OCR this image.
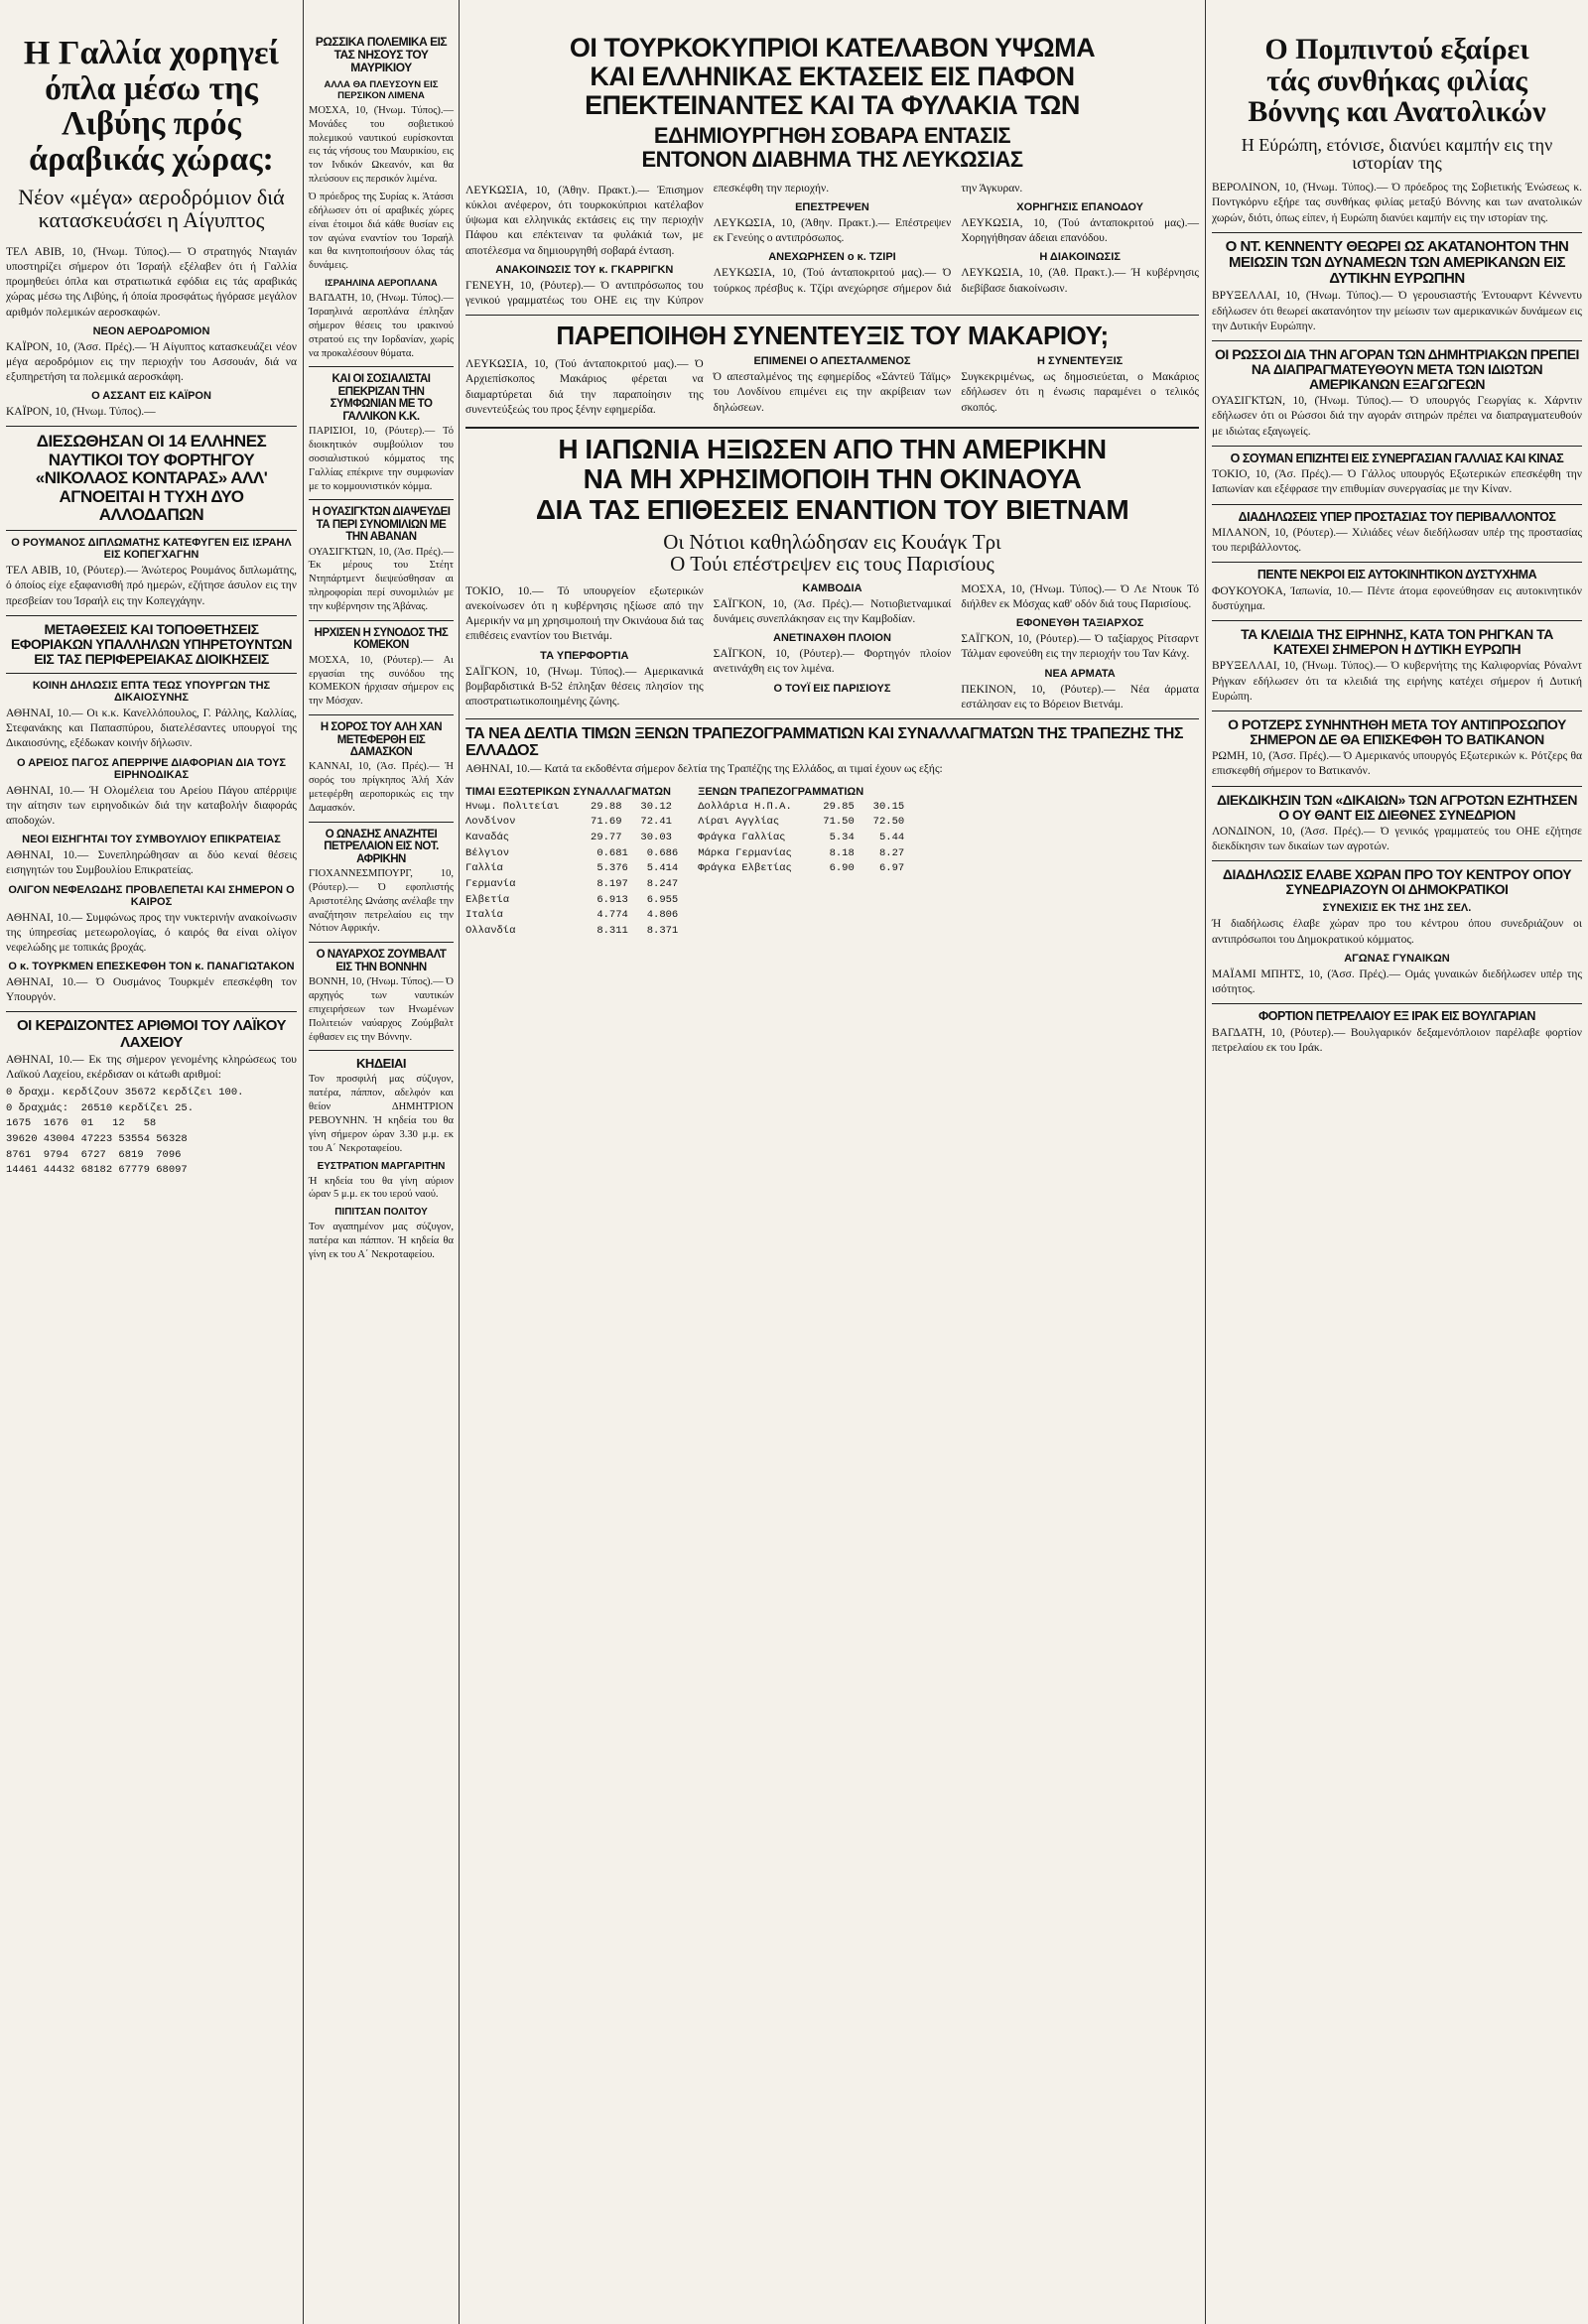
Η Γαλλία χορηγεί όπλα μέσω της Λιβύης πρός άραβικάς χώρας:
Νέον «μέγα» αεροδρόμιον διά κατασκευάσει η Αίγυπτος

ΤΕΛ ΑΒΙΒ, 10, (Ήνωμ. Τύπος).— Ό στρατηγός Νταγιάν υποστηρίζει σήμερον ότι Ίσραήλ εξέλαβεν ότι ή Γαλλία προμηθεύει όπλα και στρατιωτικά εφόδια εις τάς αραβικάς χώρας μέσω της Λιβύης, ή όποία προσφάτως ήγόρασε μεγάλον αριθμόν πολεμικών αεροσκαφών.

ΝΕΟΝ ΑΕΡΟΔΡΟΜΙΟΝ

ΚΑΪΡΟΝ, 10, (Άσσ. Πρές).— Ή Αίγυπτος κατασκευάζει νέον μέγα αεροδρόμιον εις την περιοχήν του Ασσουάν, διά να εξυπηρετήση τα πολεμικά αεροσκάφη.

Ο ΑΣΣΑΝΤ ΕΙΣ ΚΑΪΡΟΝ

ΚΑΪΡΟΝ, 10, (Ήνωμ. Τύπος).—

ΔΙΕΣΩΘΗΣΑΝ ΟΙ 14 ΕΛΛΗΝΕΣ ΝΑΥΤΙΚΟΙ ΤΟΥ ΦΟΡΤΗΓΟΥ «ΝΙΚΟΛΑΟΣ ΚΟΝΤΑΡΑΣ» ΑΛΛ' ΑΓΝΟΕΙΤΑΙ Η ΤΥΧΗ ΔΥΟ ΑΛΛΟΔΑΠΩΝ
Ο ΡΟΥΜΑΝΟΣ ΔΙΠΛΩΜΑΤΗΣ ΚΑΤΕΦΥΓΕΝ ΕΙΣ ΙΣΡΑΗΛ ΕΙΣ ΚΟΠΕΓΧΑΓΗΝ

ΤΕΛ ΑΒΙΒ, 10, (Ρόυτερ).— Άνώτερος Ρουμάνος διπλωμάτης, ό όποίος είχε εξαφανισθή πρό ημερών, εζήτησε άσυλον εις την πρεσβείαν του Ίσραήλ εις την Κοπεγχάγην.

ΜΕΤΑΘΕΣΕΙΣ ΚΑΙ ΤΟΠΟΘΕΤΗΣΕΙΣ ΕΦΟΡΙΑΚΩΝ ΥΠΑΛΛΗΛΩΝ ΥΠΗΡΕΤΟΥΝΤΩΝ ΕΙΣ ΤΑΣ ΠΕΡΙΦΕΡΕΙΑΚΑΣ ΔΙΟΙΚΗΣΕΙΣ
ΚΟΙΝΗ ΔΗΛΩΣΙΣ ΕΠΤΑ ΤΕΩΣ ΥΠΟΥΡΓΩΝ ΤΗΣ ΔΙΚΑΙΟΣΥΝΗΣ

ΑΘΗΝΑΙ, 10.— Οι κ.κ. Κανελλόπουλος, Γ. Ράλλης, Καλλίας, Στεφανάκης και Παπασπύρου, διατελέσαντες υπουργοί της Δικαιοσύνης, εξέδωκαν κοινήν δήλωσιν.

Ο ΑΡΕΙΟΣ ΠΑΓΟΣ ΑΠΕΡΡΙΨΕ ΔΙΑΦΟΡΙΑΝ ΔΙΑ ΤΟΥΣ ΕΙΡΗΝΟΔΙΚΑΣ

ΑΘΗΝΑΙ, 10.— Ή Ολομέλεια του Αρείου Πάγου απέρριψε την αίτησιν των ειρηνοδικών διά την καταβολήν διαφοράς αποδοχών.

ΝΕΟΙ ΕΙΣΗΓΗΤΑΙ ΤΟΥ ΣΥΜΒΟΥΛΙΟΥ ΕΠΙΚΡΑΤΕΙΑΣ

ΑΘΗΝΑΙ, 10.— Συνεπληρώθησαν αι δύο κεναί θέσεις εισηγητών του Συμβουλίου Επικρατείας.

ΟΛΙΓΟΝ ΝΕΦΕΛΩΔΗΣ ΠΡΟΒΛΕΠΕΤΑΙ ΚΑΙ ΣΗΜΕΡΟΝ Ο ΚΑΙΡΟΣ

ΑΘΗΝΑΙ, 10.— Συμφώνως προς την νυκτερινήν ανακοίνωσιν της ύπηρεσίας μετεωρολογίας, ό καιρός θα είναι ολίγον νεφελώδης με τοπικάς βροχάς.

Ο κ. ΤΟΥΡΚΜΕΝ ΕΠΕΣΚΕΦΘΗ ΤΟΝ κ. ΠΑΝΑΓΙΩΤΑΚΟΝ

ΑΘΗΝΑΙ, 10.— Ό Ουσμάνος Τουρκμέν επεσκέφθη τον Υπουργόν.

ΟΙ ΚΕΡΔΙΖΟΝΤΕΣ ΑΡΙΘΜΟΙ ΤΟΥ ΛΑΪΚΟΥ ΛΑΧΕΙΟΥ

ΑΘΗΝΑΙ, 10.— Εκ της σήμερον γενομένης κληρώσεως του Λαϊκού Λαχείου, εκέρδισαν οι κάτωθι αριθμοί:

0 δραχμ. κερδίζουν 35672 κερδίζει 100.
0 δραχμάς:  26510 κερδίζει 25.
1675  1676  01   12   58
39620 43004 47223 53554 56328
8761  9794  6727  6819  7096
14461 44432 68182 67779 68097
ΡΩΣΣΙΚΑ ΠΟΛΕΜΙΚΑ ΕΙΣ ΤΑΣ ΝΗΣΟΥΣ ΤΟΥ ΜΑΥΡΙΚΙΟΥ
ΑΛΛΑ ΘΑ ΠΛΕΥΣΟΥΝ ΕΙΣ ΠΕΡΣΙΚΟΝ ΛΙΜΕΝΑ

ΜΟΣΧΑ, 10, (Ήνωμ. Τύπος).— Μονάδες του σοβιετικού πολεμικού ναυτικού ευρίσκονται εις τάς νήσους του Μαυρικίου, εις τον Ινδικόν Ωκεανόν, και θα πλεύσουν εις περσικόν λιμένα.

Ό πρόεδρος της Συρίας κ. Άτάσσι εδήλωσεν ότι οί αραβικές χώρες είναι έτοιμοι διά κάθε θυσίαν εις τον αγώνα εναντίον του Ίσραήλ και θα κινητοποιήσουν όλας τάς δυνάμεις.

ΙΣΡΑΗΛΙΝΑ ΑΕΡΟΠΛΑΝΑ

ΒΑΓΔΑΤΗ, 10, (Ήνωμ. Τύπος).— Ίσραηλινά αεροπλάνα έπληξαν σήμερον θέσεις του ιρακινού στρατού εις την Ιορδανίαν, χωρίς να προκαλέσουν θύματα.

ΚΑΙ ΟΙ ΣΟΣΙΑΛΙΣΤΑΙ ΕΠΕΚΡΙΖΑΝ ΤΗΝ ΣΥΜΦΩΝΙΑΝ ΜΕ ΤΟ ΓΑΛΛΙΚΟΝ Κ.Κ.

ΠΑΡΙΣΙΟΙ, 10, (Ρόυτερ).— Τό διοικητικόν συμβούλιον του σοσιαλιστικού κόμματος της Γαλλίας επέκρινε την συμφωνίαν με το κομμουνιστικόν κόμμα.

Η ΟΥΑΣΙΓΚΤΩΝ ΔΙΑΨΕΥΔΕΙ ΤΑ ΠΕΡΙ ΣΥΝΟΜΙΛΙΩΝ ΜΕ ΤΗΝ ΑΒΑΝΑΝ

ΟΥΑΣΙΓΚΤΩΝ, 10, (Άσ. Πρές).— Έκ μέρους του Στέητ Ντηπάρτμεντ διεψεύσθησαν αι πληροφορίαι περί συνομιλιών με την κυβέρνησιν της Άβάνας.

ΗΡΧΙΣΕΝ Η ΣΥΝΟΔΟΣ ΤΗΣ ΚΟΜΕΚΟΝ

ΜΟΣΧΑ, 10, (Ρόυτερ).— Αι εργασίαι της συνόδου της ΚΟΜΕΚΟΝ ήρχισαν σήμερον εις την Μόσχαν.

Η ΣΟΡΟΣ ΤΟΥ ΑΛΗ ΧΑΝ ΜΕΤΕΦΕΡΘΗ ΕΙΣ ΔΑΜΑΣΚΟΝ

ΚΑΝΝΑΙ, 10, (Άσ. Πρές).— Ή σορός του πρίγκηπος Άλή Χάν μετεφέρθη αεροπορικώς εις την Δαμασκόν.

Ο ΩΝΑΣΗΣ ΑΝΑΖΗΤΕΙ ΠΕΤΡΕΛΑΙΟΝ ΕΙΣ ΝΟΤ. ΑΦΡΙΚΗΝ

ΓΙΟΧΑΝΝΕΣΜΠΟΥΡΓ, 10, (Ρόυτερ).— Ό εφοπλιστής Αριστοτέλης Ωνάσης ανέλαβε την αναζήτησιν πετρελαίου εις την Νότιον Αφρικήν.

Ο ΝΑΥΑΡΧΟΣ ΖΟΥΜΒΑΛΤ ΕΙΣ ΤΗΝ ΒΟΝΝΗΝ

ΒΟΝΝΗ, 10, (Ήνωμ. Τύπος).— Ό αρχηγός των ναυτικών επιχειρήσεων των Ηνωμένων Πολιτειών ναύαρχος Ζούμβαλτ έφθασεν εις την Βόννην.

ΚΗΔΕΙΑΙ

Τον προσφιλή μας σύζυγον, πατέρα, πάππον, αδελφόν και θείον ΔΗΜΗΤΡΙΟΝ ΡΕΒΟΥΝΗΝ. Ή κηδεία του θα γίνη σήμερον ώραν 3.30 μ.μ. εκ του Α΄ Νεκροταφείου.

ΕΥΣΤΡΑΤΙΟΝ ΜΑΡΓΑΡΙΤΗΝ

Ή κηδεία του θα γίνη αύριον ώραν 5 μ.μ. εκ του ιερού ναού.

ΠΙΠΙΤΣΑΝ ΠΟΛΙΤΟΥ

Τον αγαπημένον μας σύζυγον, πατέρα και πάππον. Ή κηδεία θα γίνη εκ του Α΄ Νεκροταφείου.

ΟΙ ΤΟΥΡΚΟΚΥΠΡΙΟΙ ΚΑΤΕΛΑΒΟΝ ΥΨΩΜΑ
ΚΑΙ ΕΛΛΗΝΙΚΑΣ ΕΚΤΑΣΕΙΣ ΕΙΣ ΠΑΦΟΝ
ΕΠΕΚΤΕΙΝΑΝΤΕΣ ΚΑΙ ΤΑ ΦΥΛΑΚΙΑ ΤΩΝ
ΕΔΗΜΙΟΥΡΓΗΘΗ ΣΟΒΑΡΑ ΕΝΤΑΣΙΣ
ΕΝΤΟΝΟΝ ΔΙΑΒΗΜΑ ΤΗΣ ΛΕΥΚΩΣΙΑΣ

ΛΕΥΚΩΣΙΑ, 10, (Άθην. Πρακτ.).— Έπισημον κύκλοι ανέφερον, ότι τουρκοκύπριοι κατέλαβον ύψωμα και ελληνικάς εκτάσεις εις την περιοχήν Πάφου και επέκτειναν τα φυλάκιά των, με αποτέλεσμα να δημιουργηθή σοβαρά ένταση.

ΑΝΑΚΟΙΝΩΣΙΣ ΤΟΥ κ. ΓΚΑΡΡΙΓΚΝ

ΓΕΝΕΥΗ, 10, (Ρόυτερ).— Ό αντιπρόσωπος του γενικού γραμματέως του ΟΗΕ εις την Κύπρον επεσκέφθη την περιοχήν.

ΕΠΕΣΤΡΕΨΕΝ

ΛΕΥΚΩΣΙΑ, 10, (Άθην. Πρακτ.).— Επέστρεψεν εκ Γενεύης ο αντιπρόσωπος.

ΑΝΕΧΩΡΗΣΕΝ ο κ. ΤΖΙΡΙ

ΛΕΥΚΩΣΙΑ, 10, (Τού άνταποκριτού μας).— Ό τούρκος πρέσβυς κ. Τζίρι ανεχώρησε σήμερον διά την Άγκυραν.

ΧΟΡΗΓΗΣΙΣ ΕΠΑΝΟΔΟΥ

ΛΕΥΚΩΣΙΑ, 10, (Τού άνταποκριτού μας).— Χορηγήθησαν άδειαι επανόδου.

Η ΔΙΑΚΟΙΝΩΣΙΣ

ΛΕΥΚΩΣΙΑ, 10, (Άθ. Πρακτ.).— Ή κυβέρνησις διεβίβασε διακοίνωσιν.

ΠΑΡΕΠΟΙΗΘΗ ΣΥΝΕΝΤΕΥΞΙΣ ΤΟΥ ΜΑΚΑΡΙΟΥ;

ΛΕΥΚΩΣΙΑ, 10, (Τού άνταποκριτού μας).— Ό Αρχιεπίσκοπος Μακάριος φέρεται να διαμαρτύρεται διά την παραποίησιν της συνεντεύξεώς του προς ξένην εφημερίδα.

ΕΠΙΜΕΝΕΙ Ο ΑΠΕΣΤΑΛΜΕΝΟΣ

Ό απεσταλμένος της εφημερίδος «Σάντεϋ Τάϊμς» του Λονδίνου επιμένει εις την ακρίβειαν των δηλώσεων.

Η ΣΥΝΕΝΤΕΥΞΙΣ

Συγκεκριμένως, ως δημοσιεύεται, ο Μακάριος εδήλωσεν ότι η ένωσις παραμένει ο τελικός σκοπός.

Η ΙΑΠΩΝΙΑ ΗΞΙΩΣΕΝ ΑΠΟ ΤΗΝ ΑΜΕΡΙΚΗΝ
ΝΑ ΜΗ ΧΡΗΣΙΜΟΠΟΙΗ ΤΗΝ ΟΚΙΝΑΟΥΑ
ΔΙΑ ΤΑΣ ΕΠΙΘΕΣΕΙΣ ΕΝΑΝΤΙΟΝ ΤΟΥ ΒΙΕΤΝΑΜ
Οι Νότιοι καθηλώδησαν εις Κουάγκ Τρι
Ο Τούι επέστρεψεν εις τους Παρισίους

ΤΟΚΙΟ, 10.— Τό υπουργείον εξωτερικών ανεκοίνωσεν ότι η κυβέρνησις ηξίωσε από την Αμερικήν να μη χρησιμοποιή την Οκινάουα διά τας επιθέσεις εναντίον του Βιετνάμ.

ΤΑ ΥΠΕΡΦΟΡΤΙΑ

ΣΑΪΓΚΟΝ, 10, (Ήνωμ. Τύπος).— Αμερικανικά βομβαρδιστικά Β-52 έπληξαν θέσεις πλησίον της αποστρατιωτικοποιημένης ζώνης.

ΚΑΜΒΟΔΙΑ

ΣΑΪΓΚΟΝ, 10, (Άσ. Πρές).— Νοτιοβιετναμικαί δυνάμεις συνεπλάκησαν εις την Καμβοδίαν.

ΑΝΕΤΙΝΑΧΘΗ ΠΛΟΙΟΝ

ΣΑΪΓΚΟΝ, 10, (Ρόυτερ).— Φορτηγόν πλοίον ανετινάχθη εις τον λιμένα.

Ο ΤΟΥΪ ΕΙΣ ΠΑΡΙΣΙΟΥΣ

ΜΟΣΧΑ, 10, (Ήνωμ. Τύπος).— Ό Λε Ντουκ Τό διήλθεν εκ Μόσχας καθ' οδόν διά τους Παρισίους.

ΕΦΟΝΕΥΘΗ ΤΑΞΙΑΡΧΟΣ

ΣΑΪΓΚΟΝ, 10, (Ρόυτερ).— Ό ταξίαρχος Ρίτσαρντ Τάλμαν εφονεύθη εις την περιοχήν του Ταν Κάνχ.

ΝΕΑ ΑΡΜΑΤΑ

ΠΕΚΙΝΟΝ, 10, (Ρόυτερ).— Νέα άρματα εστάλησαν εις το Βόρειον Βιετνάμ.

ΤΑ ΝΕΑ ΔΕΛΤΙΑ ΤΙΜΩΝ ΞΕΝΩΝ ΤΡΑΠΕΖΟΓΡΑΜΜΑΤΙΩΝ ΚΑΙ ΣΥΝΑΛΛΑΓΜΑΤΩΝ ΤΗΣ ΤΡΑΠΕΖΗΣ ΤΗΣ ΕΛΛΑΔΟΣ

ΑΘΗΝΑΙ, 10.— Κατά τα εκδοθέντα σήμερον δελτία της Τραπέζης της Ελλάδος, αι τιμαί έχουν ως εξής:

ΤΙΜΑΙ ΕΞΩΤΕΡΙΚΩΝ ΣΥΝΑΛΛΑΓΜΑΤΩΝ
Ηνωμ. Πολιτείαι     29.88   30.12
Λονδίνον            71.69   72.41
Καναδάς             29.77   30.03
Βέλγιον              0.681   0.686
Γαλλία               5.376   5.414
Γερμανία             8.197   8.247
Ελβετία              6.913   6.955
Ιταλία               4.774   4.806
Ολλανδία             8.311   8.371
ΞΕΝΩΝ ΤΡΑΠΕΖΟΓΡΑΜΜΑΤΙΩΝ
Δολλάρια Η.Π.Α.     29.85   30.15
Λίραι Αγγλίας       71.50   72.50
Φράγκα Γαλλίας       5.34    5.44
Μάρκα Γερμανίας      8.18    8.27
Φράγκα Ελβετίας      6.90    6.97
Ο Πομπιντού εξαίρει
τάς συνθήκας φιλίας
Βόννης και Ανατολικών
Η Εύρώπη, ετόνισε, διανύει καμπήν εις την ιστορίαν της

ΒΕΡΟΛΙΝΟΝ, 10, (Ήνωμ. Τύπος).— Ό πρόεδρος της Σοβιετικής Ένώσεως κ. Ποντγκόρνυ εξήρε τας συνθήκας φιλίας μεταξύ Βόννης και των ανατολικών χωρών, διότι, όπως είπεν, ή Ευρώπη διανύει καμπήν εις την ιστορίαν της.

Ο ΝΤ. ΚΕΝΝΕΝΤΥ ΘΕΩΡΕΙ ΩΣ ΑΚΑΤΑΝΟΗΤΟΝ ΤΗΝ ΜΕΙΩΣΙΝ ΤΩΝ ΔΥΝΑΜΕΩΝ ΤΩΝ ΑΜΕΡΙΚΑΝΩΝ ΕΙΣ ΔΥΤΙΚΗΝ ΕΥΡΩΠΗΝ

ΒΡΥΞΕΛΛΑΙ, 10, (Ήνωμ. Τύπος).— Ό γερουσιαστής Έντουαρντ Κέννεντυ εδήλωσεν ότι θεωρεί ακατανόητον την μείωσιν των αμερικανικών δυνάμεων εις την Δυτικήν Ευρώπην.

ΟΙ ΡΩΣΣΟΙ ΔΙΑ ΤΗΝ ΑΓΟΡΑΝ ΤΩΝ ΔΗΜΗΤΡΙΑΚΩΝ ΠΡΕΠΕΙ ΝΑ ΔΙΑΠΡΑΓΜΑΤΕΥΘΟΥΝ ΜΕΤΑ ΤΩΝ ΙΔΙΩΤΩΝ ΑΜΕΡΙΚΑΝΩΝ ΕΞΑΓΩΓΕΩΝ

ΟΥΑΣΙΓΚΤΩΝ, 10, (Ήνωμ. Τύπος).— Ό υπουργός Γεωργίας κ. Χάρντιν εδήλωσεν ότι οι Ρώσσοι διά την αγοράν σιτηρών πρέπει να διαπραγματευθούν με ιδιώτας εξαγωγείς.

Ο ΣΟΥΜΑΝ ΕΠΙΖΗΤΕΙ ΕΙΣ ΣΥΝΕΡΓΑΣΙΑΝ ΓΑΛΛΙΑΣ ΚΑΙ ΚΙΝΑΣ

ΤΟΚΙΟ, 10, (Άσ. Πρές).— Ό Γάλλος υπουργός Εξωτερικών επεσκέφθη την Ιαπωνίαν και εξέφρασε την επιθυμίαν συνεργασίας με την Κίναν.

ΔΙΑΔΗΛΩΣΕΙΣ ΥΠΕΡ ΠΡΟΣΤΑΣΙΑΣ ΤΟΥ ΠΕΡΙΒΑΛΛΟΝΤΟΣ

ΜΙΛΑΝΟΝ, 10, (Ρόυτερ).— Χιλιάδες νέων διεδήλωσαν υπέρ της προστασίας του περιβάλλοντος.

ΠΕΝΤΕ ΝΕΚΡΟΙ ΕΙΣ ΑΥΤΟΚΙΝΗΤΙΚΟΝ ΔΥΣΤΥΧΗΜΑ

ΦΟΥΚΟΥΟΚΑ, Ίαπωνία, 10.— Πέντε άτομα εφονεύθησαν εις αυτοκινητικόν δυστύχημα.

ΤΑ ΚΛΕΙΔΙΑ ΤΗΣ ΕΙΡΗΝΗΣ, ΚΑΤΑ ΤΟΝ ΡΗΓΚΑΝ ΤΑ ΚΑΤΕΧΕΙ ΣΗΜΕΡΟΝ Η ΔΥΤΙΚΗ ΕΥΡΩΠΗ

ΒΡΥΞΕΛΛΑΙ, 10, (Ήνωμ. Τύπος).— Ό κυβερνήτης της Καλιφορνίας Ρόναλντ Ρήγκαν εδήλωσεν ότι τα κλειδιά της ειρήνης κατέχει σήμερον ή Δυτική Ευρώπη.

Ο ΡΟΤΖΕΡΣ ΣΥΝΗΝΤΗΘΗ ΜΕΤΑ ΤΟΥ ΑΝΤΙΠΡΟΣΩΠΟΥ ΣΗΜΕΡΟΝ ΔΕ ΘΑ ΕΠΙΣΚΕΦΘΗ ΤΟ ΒΑΤΙΚΑΝΟΝ

ΡΩΜΗ, 10, (Άσσ. Πρές).— Ό Αμερικανός υπουργός Εξωτερικών κ. Ρότζερς θα επισκεφθή σήμερον το Βατικανόν.

ΔΙΕΚΔΙΚΗΣΙΝ ΤΩΝ «ΔΙΚΑΙΩΝ» ΤΩΝ ΑΓΡΟΤΩΝ ΕΖΗΤΗΣΕΝ Ο ΟΥ ΘΑΝΤ ΕΙΣ ΔΙΕΘΝΕΣ ΣΥΝΕΔΡΙΟΝ

ΛΟΝΔΙΝΟΝ, 10, (Άσσ. Πρές).— Ό γενικός γραμματεύς του ΟΗΕ εζήτησε διεκδίκησιν των δικαίων των αγροτών.

ΔΙΑΔΗΛΩΣΙΣ ΕΛΑΒΕ ΧΩΡΑΝ ΠΡΟ ΤΟΥ ΚΕΝΤΡΟΥ ΟΠΟΥ ΣΥΝΕΔΡΙΑΖΟΥΝ ΟΙ ΔΗΜΟΚΡΑΤΙΚΟΙ
ΣΥΝΕΧΙΣΙΣ ΕΚ ΤΗΣ 1ΗΣ ΣΕΛ.

Ή διαδήλωσις έλαβε χώραν προ του κέντρου όπου συνεδριάζουν οι αντιπρόσωποι του Δημοκρατικού κόμματος.

ΑΓΩΝΑΣ ΓΥΝΑΙΚΩΝ

ΜΑΪΑΜΙ ΜΠΗΤΣ, 10, (Άσσ. Πρές).— Ομάς γυναικών διεδήλωσεν υπέρ της ισότητος.

ΦΟΡΤΙΟΝ ΠΕΤΡΕΛΑΙΟΥ ΕΞ ΙΡΑΚ ΕΙΣ ΒΟΥΛΓΑΡΙΑΝ

ΒΑΓΔΑΤΗ, 10, (Ρόυτερ).— Βουλγαρικόν δεξαμενόπλοιον παρέλαβε φορτίον πετρελαίου εκ του Ιράκ.
